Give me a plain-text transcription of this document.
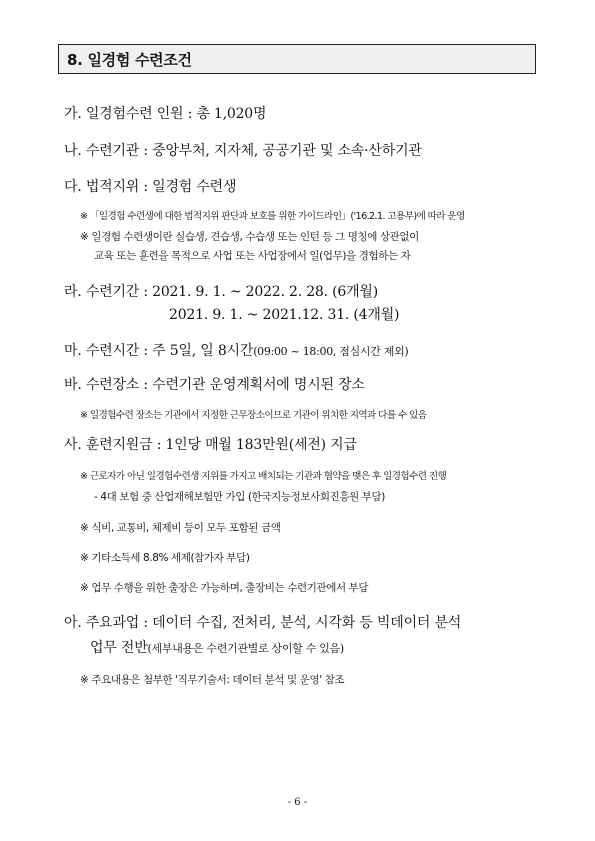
8. 일경험 수련조건
가. 일경험수련 인원 : 총 1,020명
나. 수련기관 : 중앙부처, 지자체, 공공기관 및 소속·산하기관
다. 법적지위 : 일경험 수련생
※ 「일경험 수련생에 대한 법적지위 판단과 보호를 위한 가이드라인」('16.2.1. 고용부)에 따라 운영
※ 일경험 수련생이란 실습생, 견습생, 수습생 또는 인턴 등 그 명칭에 상관없이
교육 또는 훈련을 목적으로 사업 또는 사업장에서 일(업무)을 경험하는 자
라. 수련기간 : 2021. 9. 1. ~ 2022. 2. 28. (6개월)
2021. 9. 1. ~ 2021.12. 31. (4개월)
마. 수련시간 : 주 5일, 일 8시간(09:00 ~ 18:00, 점심시간 제외)
바. 수련장소 : 수련기관 운영계획서에 명시된 장소
※ 일경험수련 장소는 기관에서 지정한 근무장소이므로 기관이 위치한 지역과 다를 수 있음
사. 훈련지원금 : 1인당 매월 183만원(세전) 지급
※ 근로자가 아닌 일경험수련생 지위를 가지고 배치되는 기관과 협약을 맺은 후 일경험수련 진행
- 4대 보험 중 산업재해보험만 가입 (한국지능정보사회진흥원 부담)
※ 식비, 교통비, 체제비 등이 모두 포함된 금액
※ 기타소득세 8.8% 세제(참가자 부담)
※ 업무 수행을 위한 출장은 가능하며, 출장비는 수련기관에서 부담
아. 주요과업 : 데이터 수집, 전처리, 분석, 시각화 등 빅데이터 분석
업무 전반(세부내용은 수련기관별로 상이할 수 있음)
※ 주요내용은 첨부한 '직무기술서: 데이터 분석 및 운영' 참조
- 6 -
